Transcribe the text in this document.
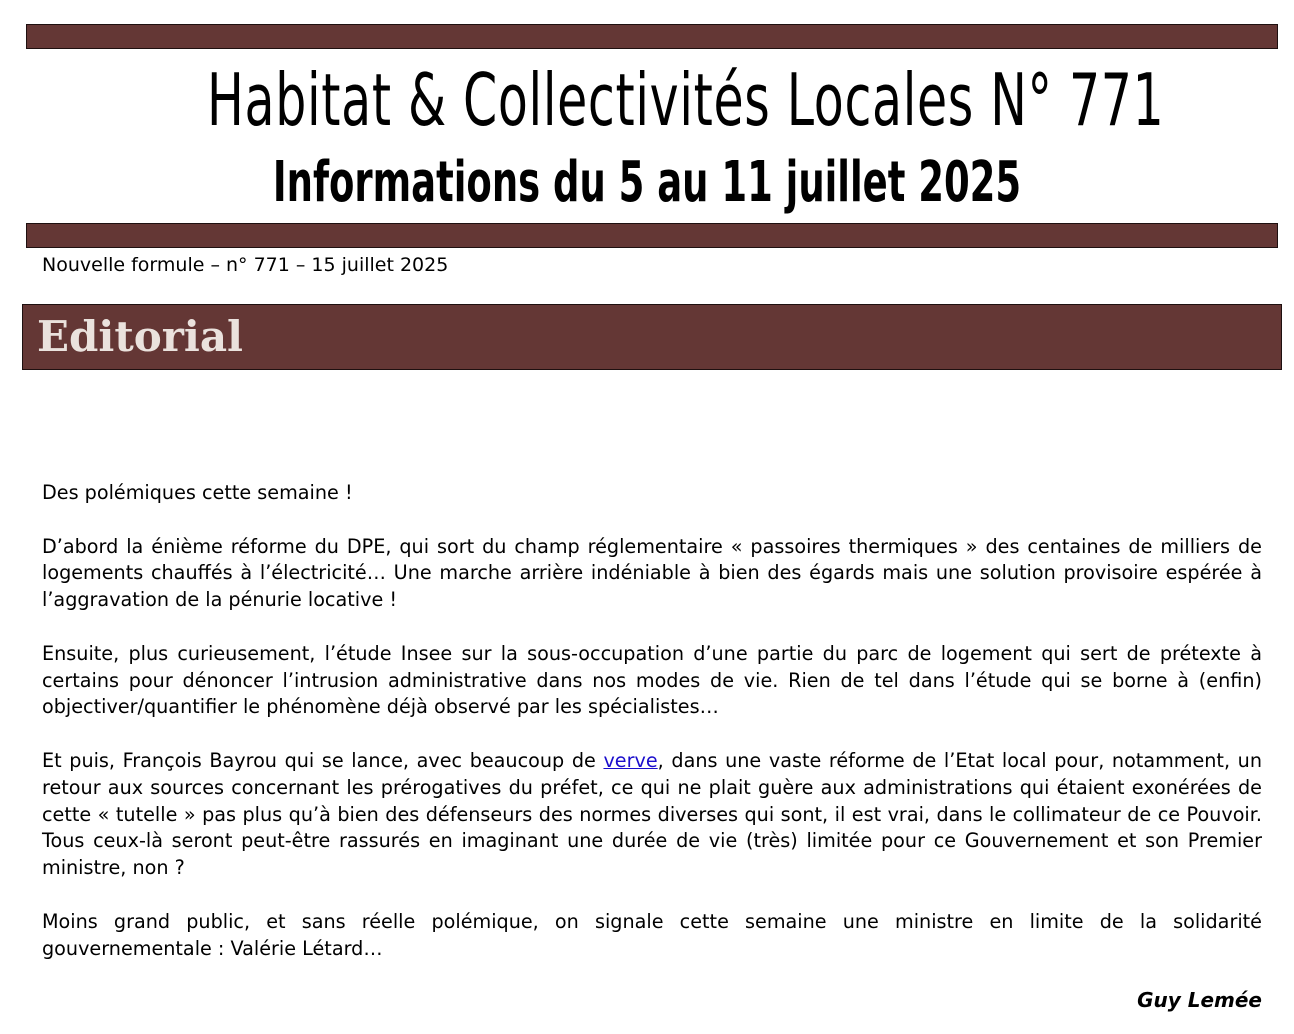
Habitat & Collectivités Locales N° 771
Informations du 5 au 11 juillet 2025
Nouvelle formule – n° 771 – 15 juillet 2025
Editorial

Des polémiques cette semaine !

D’abord la énième réforme du DPE, qui sort du champ réglementaire « passoires thermiques » des centaines de milliers de logements chauffés à l’électricité… Une marche arrière indéniable à bien des égards mais une solution provisoire espérée à l’aggravation de la pénurie locative !

Ensuite, plus curieusement, l’étude Insee sur la sous-occupation d’une partie du parc de logement qui sert de prétexte à certains pour dénoncer l’intrusion administrative dans nos modes de vie. Rien de tel dans l’étude qui se borne à (enfin) objectiver/quantifier le phénomène déjà observé par les spécialistes…

Et puis, François Bayrou qui se lance, avec beaucoup de verve, dans une vaste réforme de l’Etat local pour, notamment, un retour aux sources concernant les prérogatives du préfet, ce qui ne plait guère aux administrations qui étaient exonérées de cette « tutelle » pas plus qu’à bien des défenseurs des normes diverses qui sont, il est vrai, dans le collimateur de ce Pouvoir. Tous ceux-là seront peut-être rassurés en imaginant une durée de vie (très) limitée pour ce Gouvernement et son Premier ministre, non ?

Moins grand public, et sans réelle polémique, on signale cette semaine une ministre en limite de la solidarité gouvernementale : Valérie Létard…

Guy Lemée
